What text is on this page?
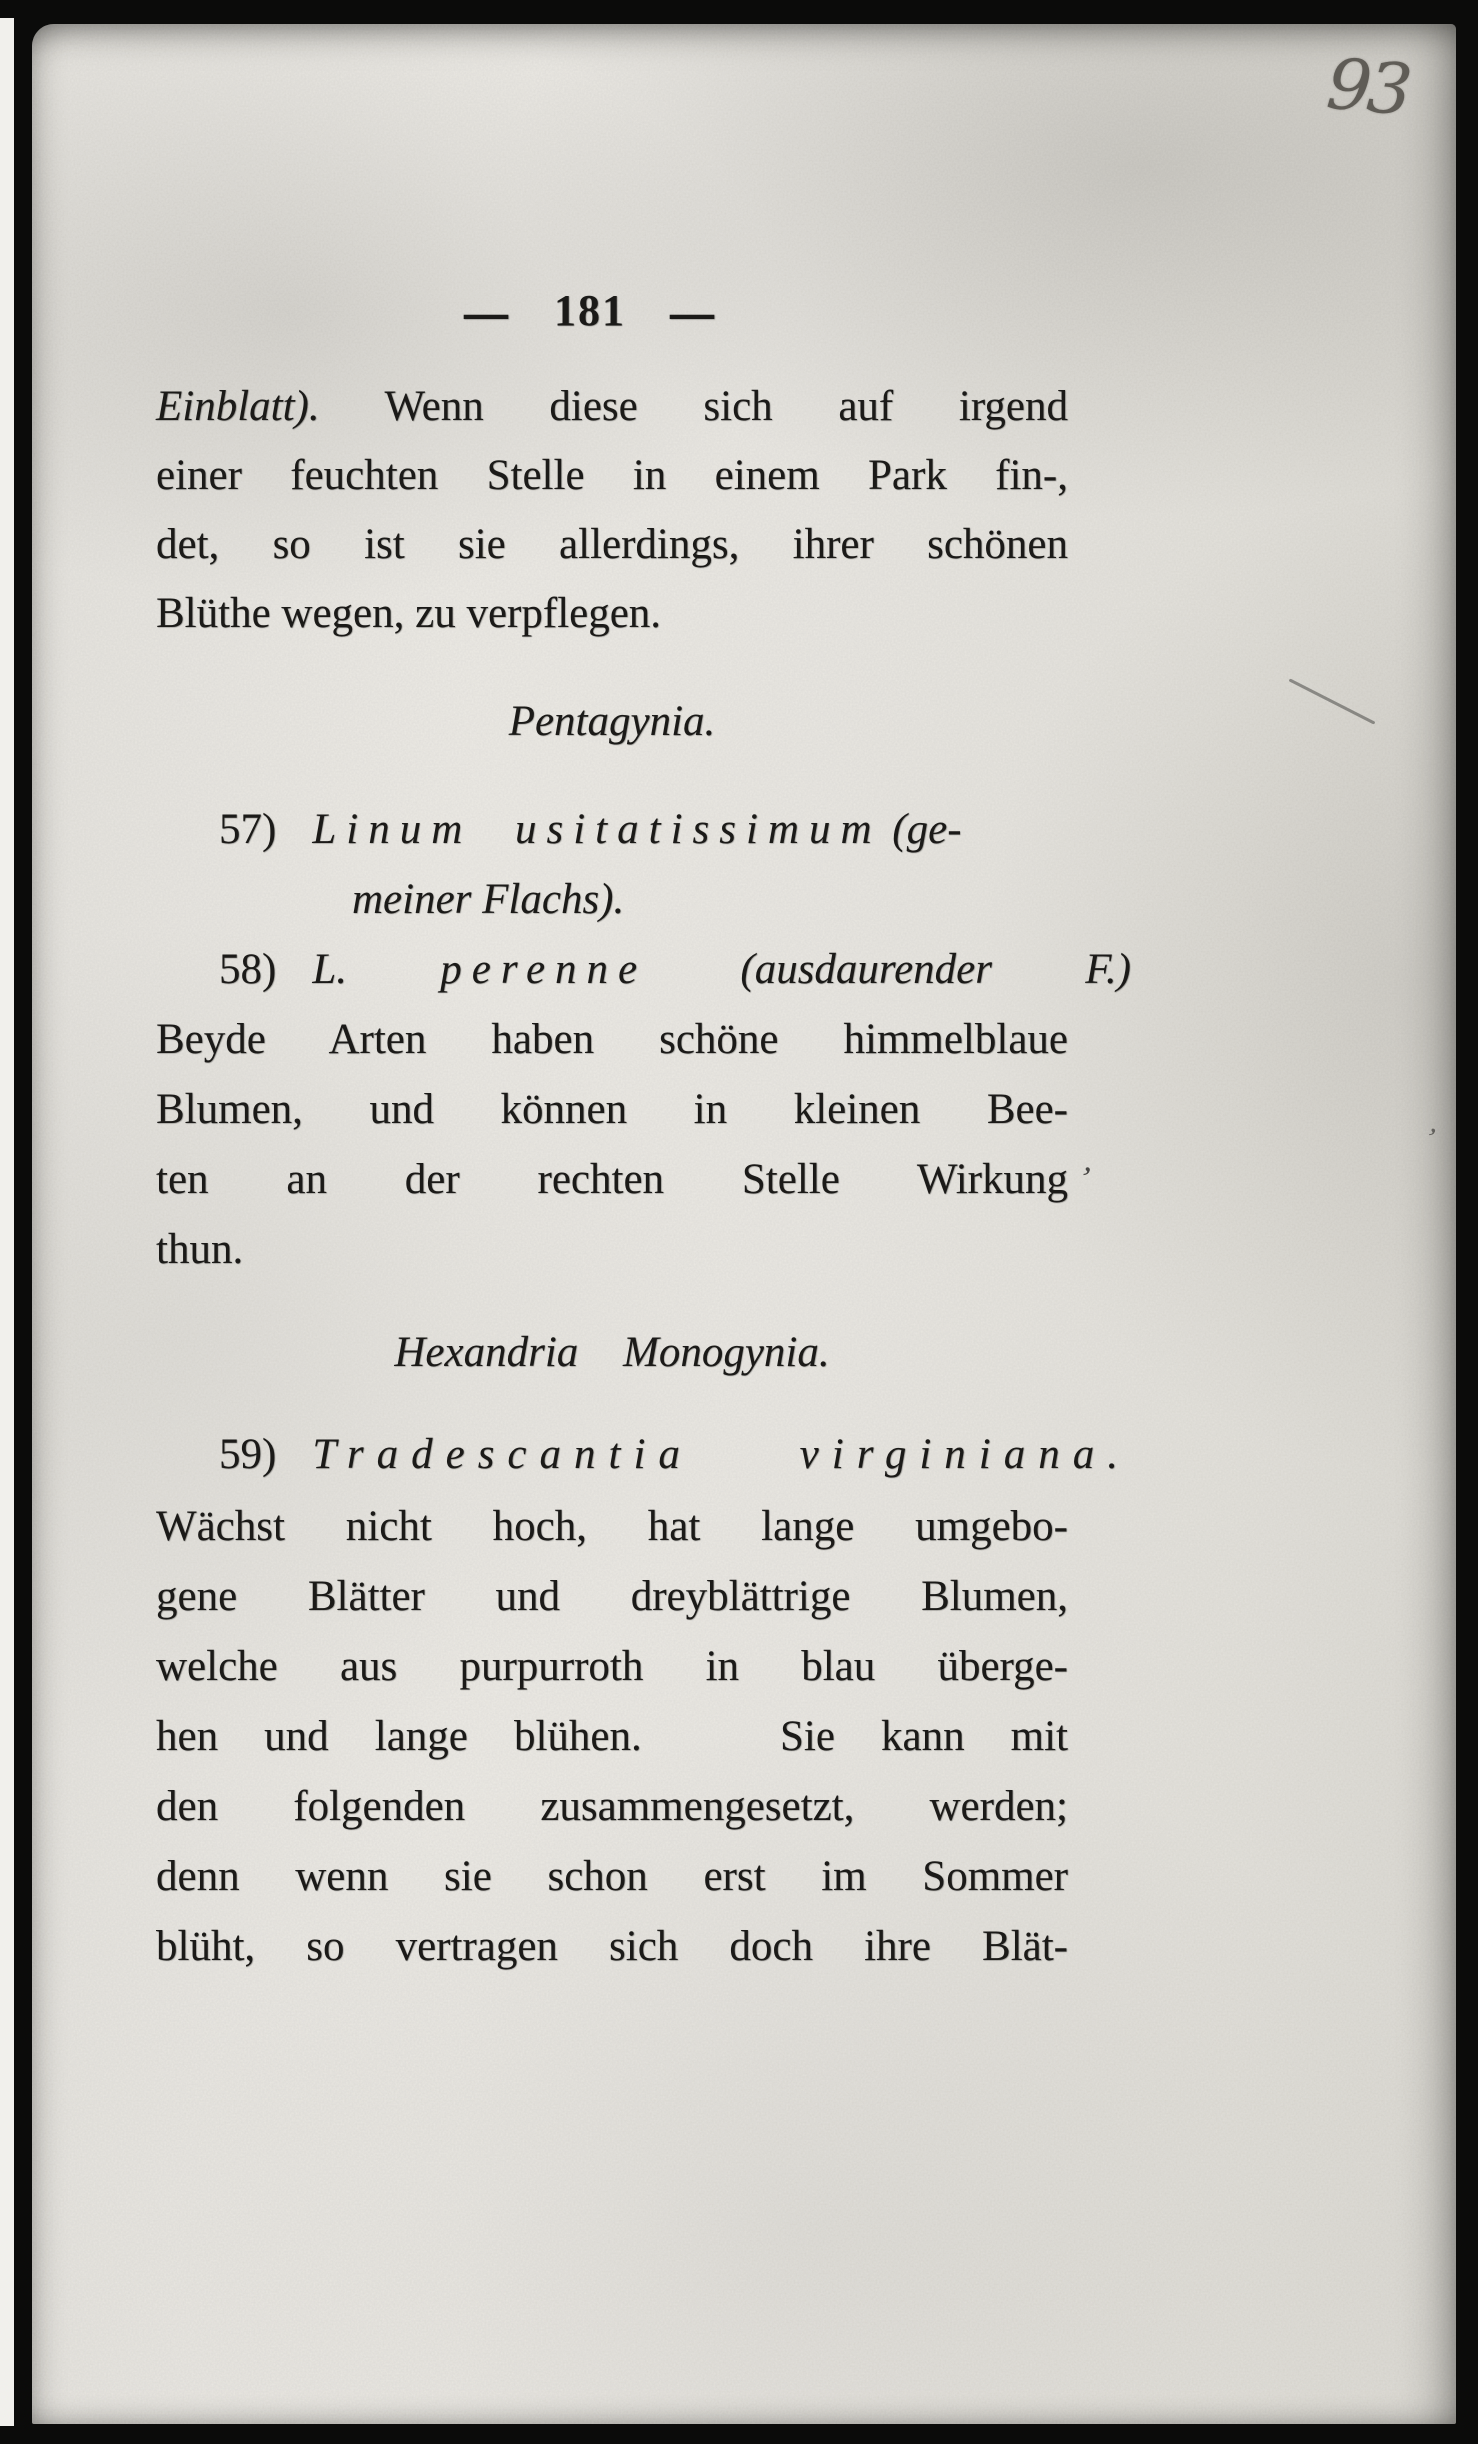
93
— 181 —
Einblatt). Wenn diese sich auf irgend
einer feuchten Stelle in einem Park fin-,
det, so ist sie allerdings, ihrer schönen
Blüthe wegen, zu verpflegen.
Pentagynia.
57) Linum usitatissimum (ge-
meiner Flachs).
58) L. perenne (ausdaurender F.)
Beyde Arten haben schöne himmelblaue
Blumen, und können in kleinen Bee-
ten an der rechten Stelle Wirkung
thun.
Hexandria Monogynia.
59) Tradescantia virginiana.
Wächst nicht hoch, hat lange umgebo-
gene Blätter und dreyblättrige Blumen,
welche aus purpurroth in blau überge-
hen und lange blühen.   Sie kann mit
den folgenden zusammengesetzt, werden;
denn wenn sie schon erst im Sommer
blüht, so vertragen sich doch ihre Blät-
‚
’
